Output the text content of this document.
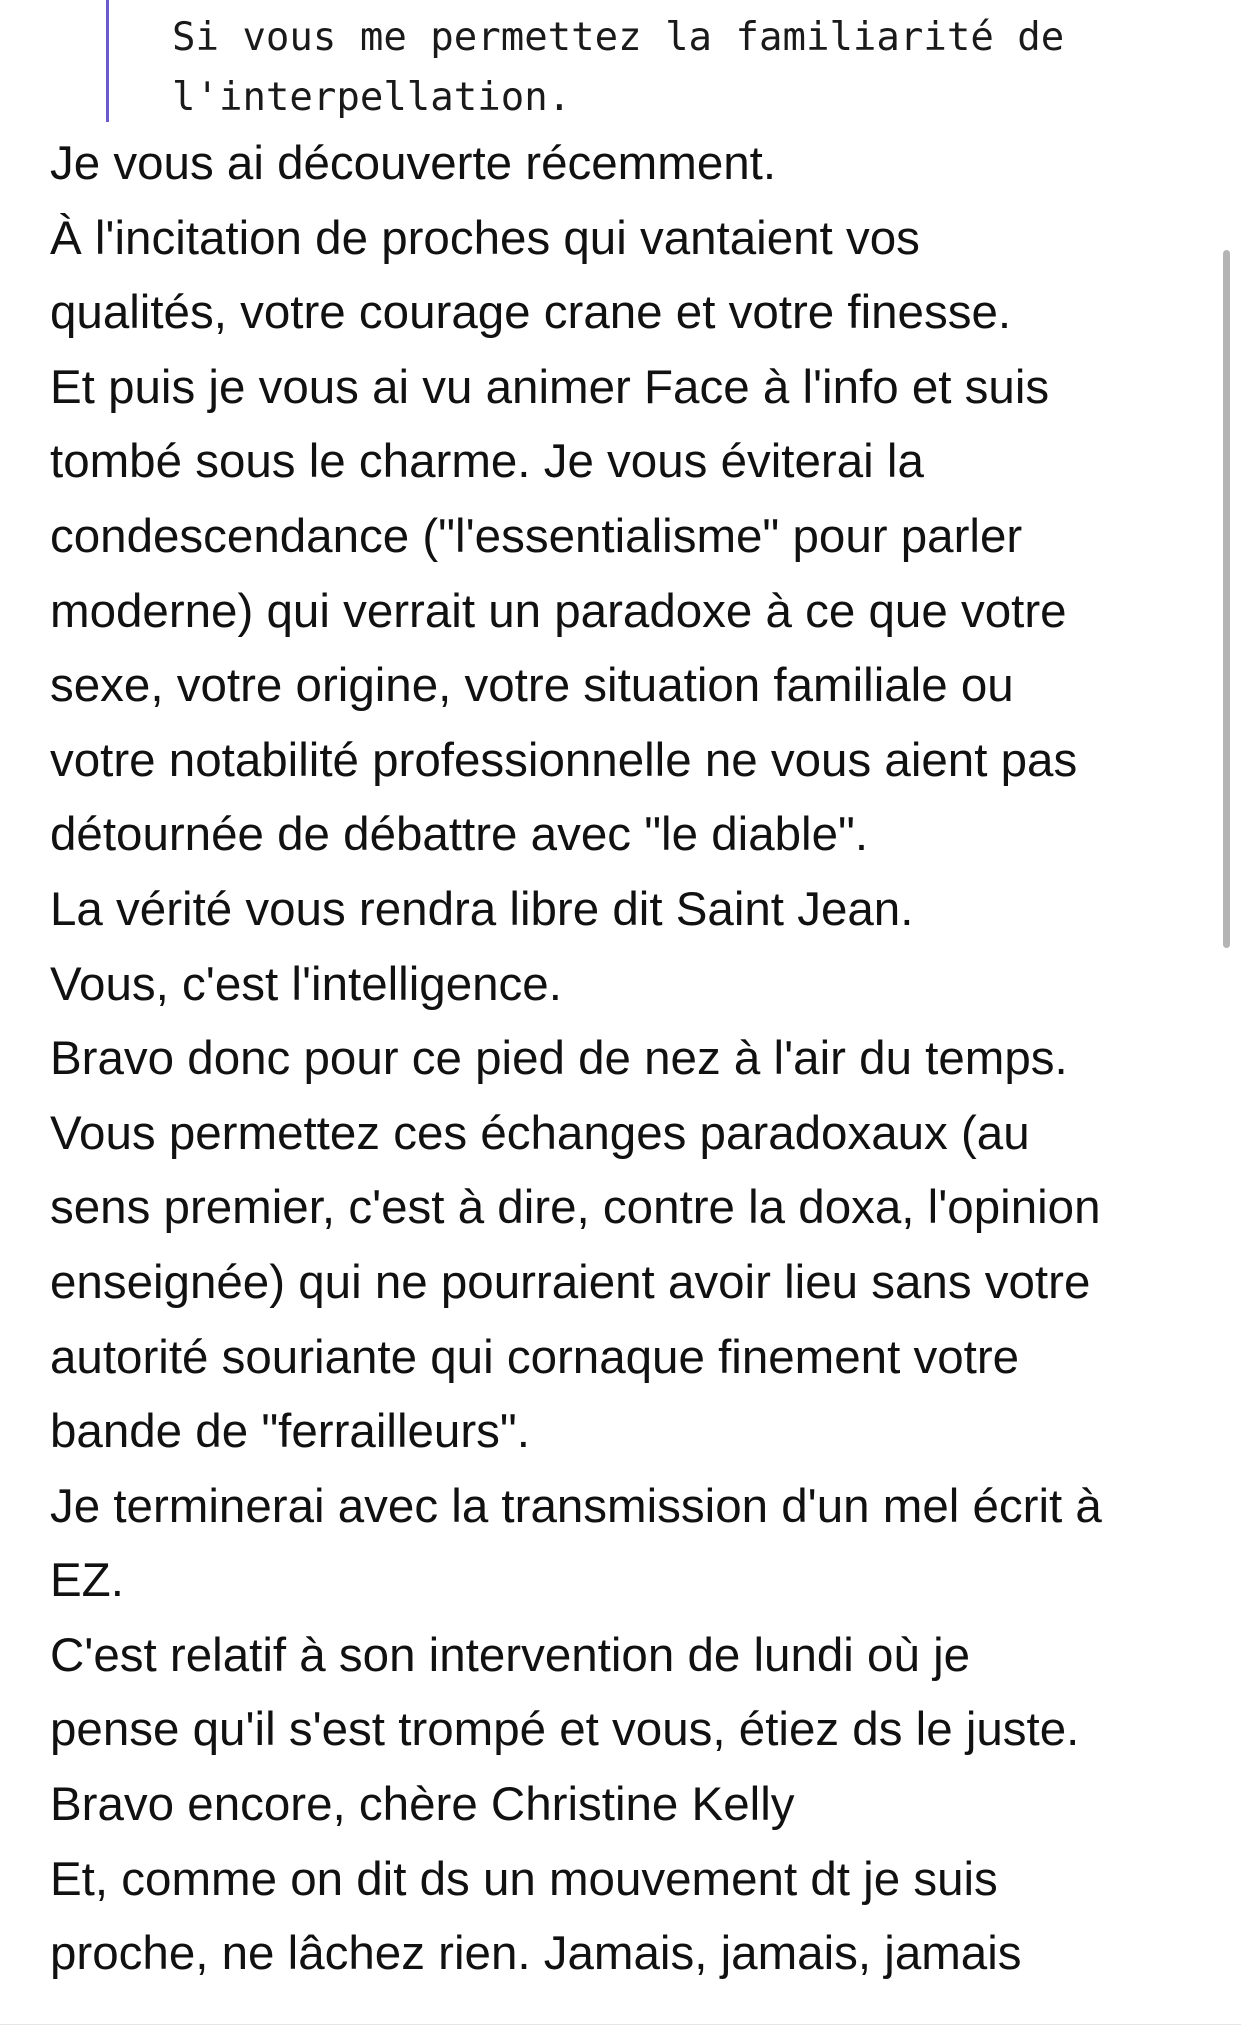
Si vous me permettez la familiarité de
l'interpellation.
Je vous ai découverte récemment.
À l'incitation de proches qui vantaient vos
qualités, votre courage crane et votre finesse.
Et puis je vous ai vu animer Face à l'info et suis
tombé sous le charme. Je vous éviterai la
condescendance ("l'essentialisme" pour parler
moderne) qui verrait un paradoxe à ce que votre
sexe, votre origine, votre situation familiale ou
votre notabilité professionnelle ne vous aient pas
détournée de débattre avec "le diable".
La vérité vous rendra libre dit Saint Jean.
Vous, c'est l'intelligence.
Bravo donc pour ce pied de nez à l'air du temps.
Vous permettez ces échanges paradoxaux (au
sens premier, c'est à dire, contre la doxa, l'opinion
enseignée) qui ne pourraient avoir lieu sans votre
autorité souriante qui cornaque finement votre
bande de "ferrailleurs".
Je terminerai avec la transmission d'un mel écrit à
EZ.
C'est relatif à son intervention de lundi où je
pense qu'il s'est trompé et vous, étiez ds le juste.
Bravo encore, chère Christine Kelly
Et, comme on dit ds un mouvement dt je suis
proche, ne lâchez rien. Jamais, jamais, jamais
